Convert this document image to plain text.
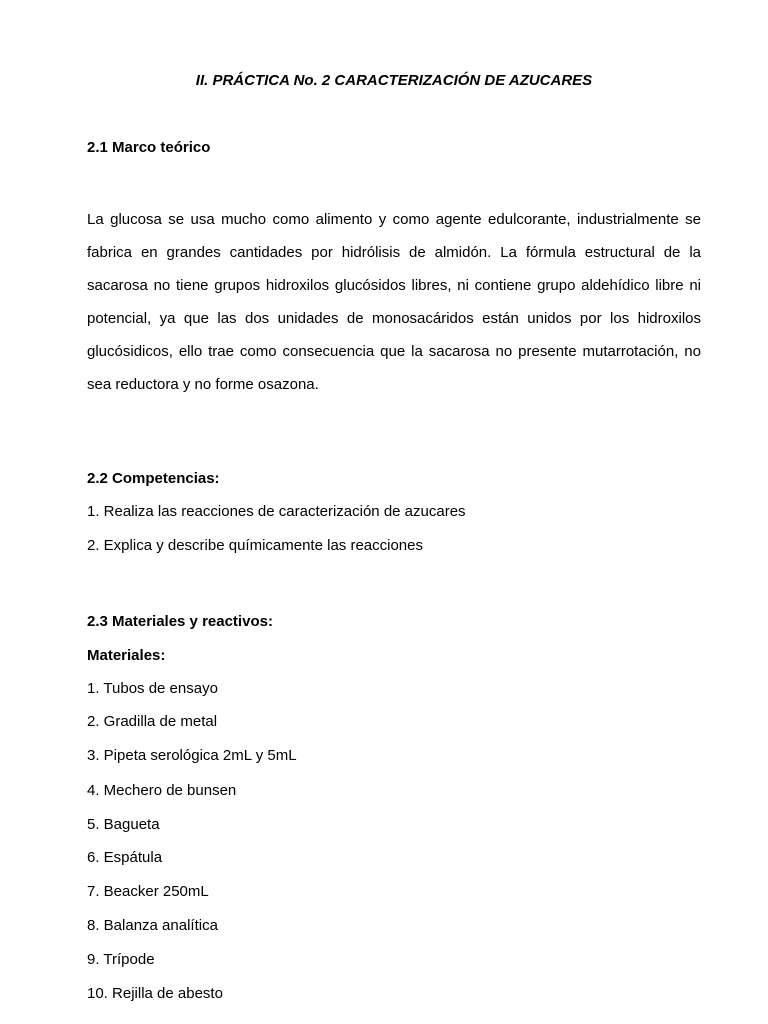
II. PRÁCTICA No. 2 CARACTERIZACIÓN DE AZUCARES
2.1 Marco teórico

La glucosa se usa mucho como alimento y como agente edulcorante, industrialmente se fabrica en grandes cantidades por hidrólisis de almidón. La fórmula estructural de la sacarosa no tiene grupos hidroxilos glucósidos libres, ni contiene grupo aldehídico libre ni potencial, ya que las dos unidades de monosacáridos están unidos por los hidroxilos glucósidicos, ello trae como consecuencia que la sacarosa no presente mutarrotación, no sea reductora y no forme osazona.

2.2 Competencias:
1. Realiza las reacciones de caracterización de azucares
2. Explica y describe químicamente las reacciones
2.3 Materiales y reactivos:
Materiales:
1. Tubos de ensayo
2. Gradilla de metal
3. Pipeta serológica 2mL y 5mL
4. Mechero de bunsen
5. Bagueta
6. Espátula
7. Beacker 250mL
8. Balanza analítica
9. Trípode
10. Rejilla de abesto
